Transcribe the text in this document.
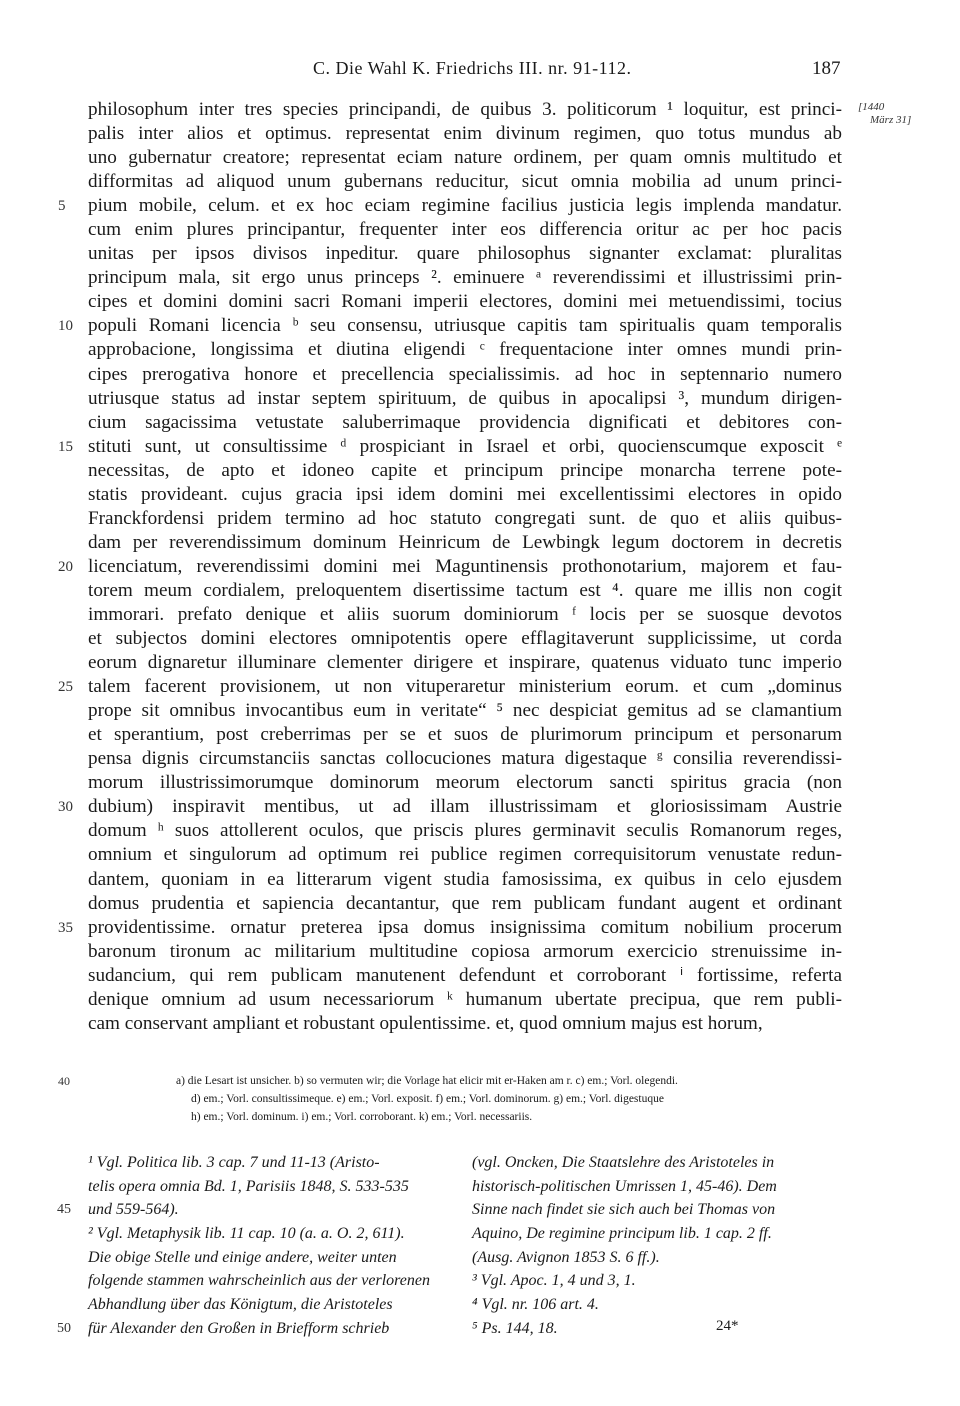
C. Die Wahl K. Friedrichs III. nr. 91-112.	187
[1440
März 31]
philosophum inter tres species principandi, de quibus 3. politicorum ¹ loquitur, est princi-
palis inter alios et optimus. representat enim divinum regimen, quo totus mundus ab
uno gubernatur creatore; representat eciam nature ordinem, per quam omnis multitudo et
difformitas ad aliquod unum gubernans reducitur, sicut omnia mobilia ad unum princi-
5	pium mobile, celum. et ex hoc eciam regimine facilius justicia legis implenda mandatur.
cum enim plures principantur, frequenter inter eos differencia oritur ac per hoc pacis
unitas per ipsos divisos inpeditur. quare philosophus signanter exclamat: pluralitas
principum mala, sit ergo unus princeps ². eminuere ᵃ reverendissimi et illustrissimi prin-
cipes et domini domini sacri Romani imperii electores, domini mei metuendissimi, tocius
10 populi Romani licencia ᵇ seu consensu, utriusque capitis tam spiritualis quam temporalis
approbacione, longissima et diutina eligendi ᶜ frequentacione inter omnes mundi prin-
cipes prerogativa honore et precellencia specialissimis. ad hoc in septennario numero
utriusque status ad instar septem spirituum, de quibus in apocalipsi ³, mundum dirigen-
cium sagacissima vetustate saluberrimaque providencia dignificati et debitores con-
15 stituti sunt, ut consultissime ᵈ prospiciant in Israel et orbi, quocienscumque exposcit ᵉ
necessitas, de apto et idoneo capite et principum principe monarcha terrene pote-
statis provideant. cujus gracia ipsi idem domini mei excellentissimi electores in opido
Franckfordensi pridem termino ad hoc statuto congregati sunt. de quo et aliis quibus-
dam per reverendissimum dominum Heinricum de Lewbingk legum doctorem in decretis
20 licenciatum, reverendissimi domini mei Maguntinensis prothonotarium, majorem et fau-
torem meum cordialem, preloquentem disertissime tactum est ⁴. quare me illis non cogit
immorari. prefato denique et aliis suorum dominiorum ᶠ locis per se suosque devotos
et subjectos domini electores omnipotentis opere efflagitaverunt supplicissime, ut corda
eorum dignaretur illuminare clementer dirigere et inspirare, quatenus viduato tunc imperio
25 talem facerent provisionem, ut non vituperaretur ministerium eorum. et cum „dominus
prope sit omnibus invocantibus eum in veritate“ ⁵ nec despiciat gemitus ad se clamantium
et sperantium, post creberrimas per se et suos de plurimorum principum et personarum
pensa dignis circumstanciis sanctas collocuciones matura digestaque ᵍ consilia reverendissi-
morum illustrissimorumque dominorum meorum electorum sancti spiritus gracia (non
30 dubium) inspiravit mentibus, ut ad illam illustrissimam et gloriosissimam Austrie
domum ʰ suos attollerent oculos, que priscis plures germinavit seculis Romanorum reges,
omnium et singulorum ad optimum rei publice regimen correquisitorum venustate redun-
dantem, quoniam in ea litterarum vigent studia famosissima, ex quibus in celo ejusdem
domus prudentia et sapiencia decantantur, que rem publicam fundant augent et ordinant
35 providentissime. ornatur preterea ipsa domus insignissima comitum nobilium procerum
baronum tironum ac militarium multitudine copiosa armorum exercicio strenuissime in-
sudancium, qui rem publicam manutenent defendunt et corroborant ⁱ fortissime, referta
denique omnium ad usum necessariorum ᵏ humanum ubertate precipua, que rem publi-
cam conservant ampliant et robustant opulentissime. et, quod omnium majus est horum,
40	a) die Lesart ist unsicher. b) so vermuten wir; die Vorlage hat elicir mit er-Haken am r. c) em.; Vorl. olegendi.
d) em.; Vorl. consultissimeque. e) em.; Vorl. exposit. f) em.; Vorl. dominorum. g) em.; Vorl. digestuque
h) em.; Vorl. dominum. i) em.; Vorl. corroborant. k) em.; Vorl. necessariis.
¹ Vgl. Politica lib. 3 cap. 7 und 11-13 (Aristo-
telis opera omnia Bd. 1, Parisiis 1848, S. 533-535
45 und 559-564).
² Vgl. Metaphysik lib. 11 cap. 10 (a. a. O. 2, 611).
Die obige Stelle und einige andere, weiter unten
folgende stammen wahrscheinlich aus der verlorenen
Abhandlung über das Königtum, die Aristoteles
50 für Alexander den Großen in Briefform schrieb
(vgl. Oncken, Die Staatslehre des Aristoteles in
historisch-politischen Umrissen 1, 45-46). Dem
Sinne nach findet sie sich auch bei Thomas von
Aquino, De regimine principum lib. 1 cap. 2 ff.
(Ausg. Avignon 1853 S. 6 ff.).
³ Vgl. Apoc. 1, 4 und 3, 1.
⁴ Vgl. nr. 106 art. 4.
⁵ Ps. 144, 18.	24*
